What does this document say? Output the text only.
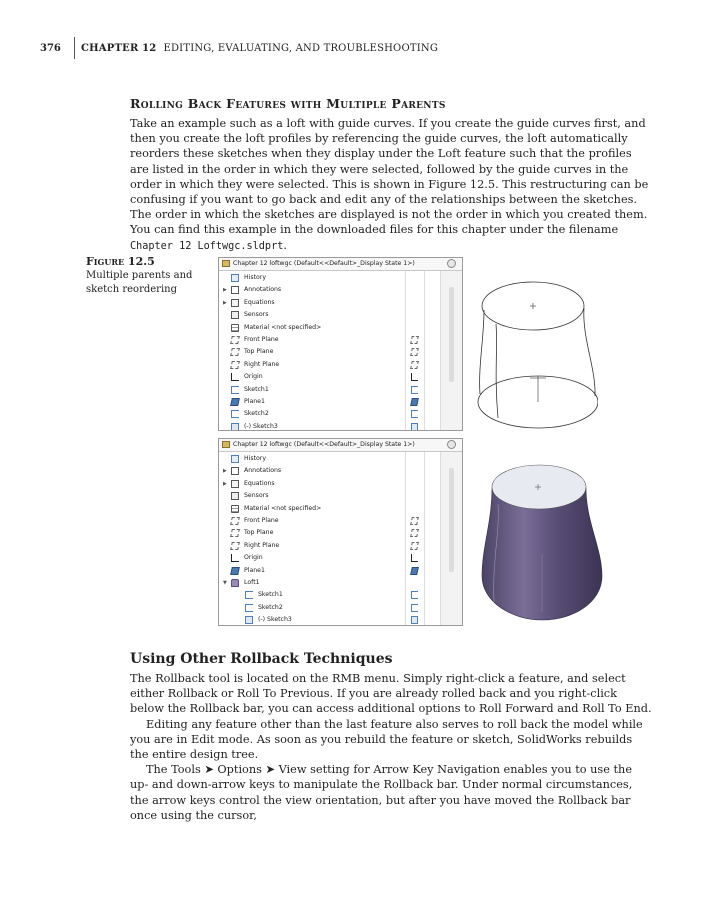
376	CHAPTER 12 EDITING, EVALUATING, AND TROUBLESHOOTING
Rolling Back Features with Multiple Parents

Take an example such as a loft with guide curves. If you create the guide curves first, and then you create the loft profiles by referencing the guide curves, the loft automatically reorders these sketches when they display under the Loft feature such that the profiles are listed in the order in which they were selected, followed by the guide curves in the order in which they were selected. This is shown in Figure 12.5. This restructuring can be confusing if you want to go back and edit any of the relationships between the sketches. The order in which the sketches are displayed is not the order in which you created them. You can find this example in the downloaded files for this chapter under the filename Chapter 12 Loftwgc.sldprt.

Figure 12.5
Multiple parents and sketch reordering
Chapter 12 loftwgc (Default<<Default>_Display State 1>)
History
▶	Annotations
▶	Equations
Sensors
Material <not specified>
Front Plane
Top Plane
Right Plane
Origin
Sketch1
Plane1
Sketch2
(-) Sketch3
Chapter 12 loftwgc (Default<<Default>_Display State 1>)
History
▶	Annotations
▶	Equations
Sensors
Material <not specified>
Front Plane
Top Plane
Right Plane
Origin
Plane1
▼	Loft1
Sketch1
Sketch2
(-) Sketch3
Using Other Rollback Techniques

The Rollback tool is located on the RMB menu. Simply right-click a feature, and select either Rollback or Roll To Previous. If you are already rolled back and you right-click below the Rollback bar, you can access additional options to Roll Forward and Roll To End.

Editing any feature other than the last feature also serves to roll back the model while you are in Edit mode. As soon as you rebuild the feature or sketch, SolidWorks rebuilds the entire design tree.

The Tools ➤ Options ➤ View setting for Arrow Key Navigation enables you to use the up- and down-arrow keys to manipulate the Rollback bar. Under normal circumstances, the arrow keys control the view orientation, but after you have moved the Rollback bar once using the cursor,
